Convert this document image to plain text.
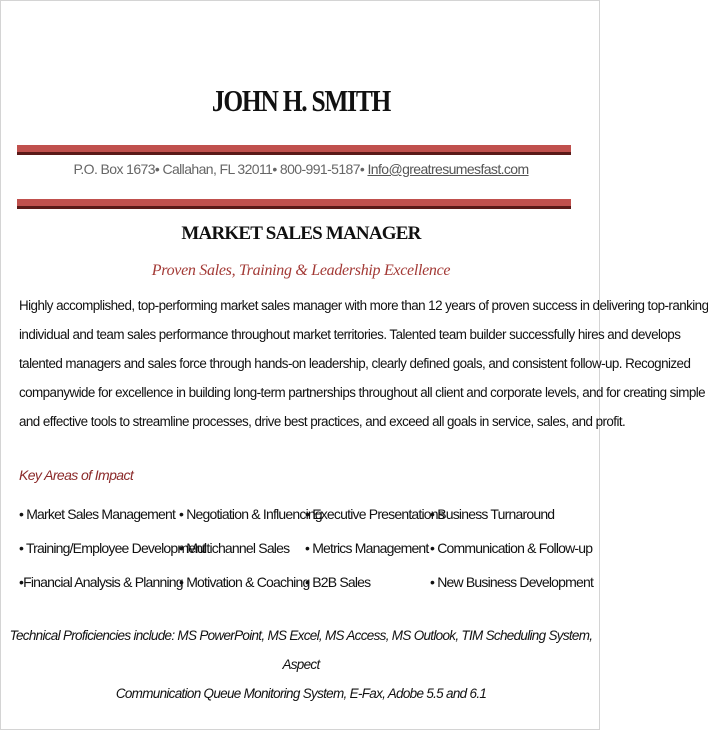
JOHN H. SMITH
P.O. Box 1673• Callahan, FL 32011• 800-991-5187• Info@greatresumesfast.com
MARKET SALES MANAGER
Proven Sales, Training & Leadership Excellence
Highly accomplished, top-performing market sales manager with more than 12 years of proven success in delivering top-ranking
individual and team sales performance throughout market territories. Talented team builder successfully hires and develops
talented managers and sales force through hands-on leadership, clearly defined goals, and consistent follow-up. Recognized
companywide for excellence in building long-term partnerships throughout all client and corporate levels, and for creating simple
and effective tools to streamline processes, drive best practices, and exceed all goals in service, sales, and profit.
Key Areas of Impact
• Market Sales Management • Negotiation & Influencing
• Executive Presentations
• Business Turnaround
• Training/Employee Development
• Multichannel Sales	• Metrics Management • Communication & Follow-up
•Financial Analysis & Planning
• Motivation & Coaching
• B2B Sales	• New Business Development
Technical Proficiencies include: MS PowerPoint, MS Excel, MS Access, MS Outlook, TIM Scheduling System, Aspect
Communication Queue Monitoring System, E-Fax, Adobe 5.5 and 6.1
